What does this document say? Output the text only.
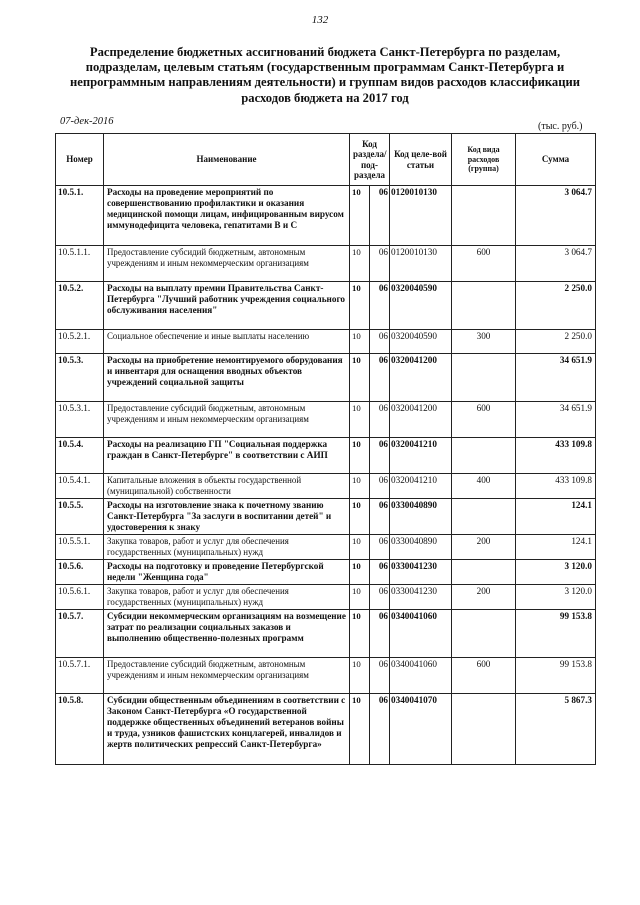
132
Распределение бюджетных ассигнований бюджета Санкт-Петербурга по разделам, подразделам, целевым статьям (государственным программам Санкт-Петербурга и непрограммным направлениям деятельности) и группам видов расходов классификации расходов бюджета на 2017 год
07-дек-2016	(тыс. руб.)
Номер	Наименование	Код раздела/ под-раздела		Код целе-вой статьи	Код вида расходов (группа)	Сумма
10.5.1.	Расходы на проведение мероприятий по совершенствованию профилактики и оказания медицинской помощи лицам, инфицированным вирусом иммунодефицита человека, гепатитами В и С	10	06	0120010130		3 064.7
10.5.1.1.	Предоставление субсидий бюджетным, автономным учреждениям и иным некоммерческим организациям	10	06	0120010130	600	3 064.7
10.5.2.	Расходы на выплату премии Правительства Санкт-Петербурга "Лучший работник учреждения социального обслуживания населения"	10	06	0320040590		2 250.0
10.5.2.1.	Социальное обеспечение и иные выплаты населению	10	06	0320040590	300	2 250.0
10.5.3.	Расходы на приобретение немонтируемого оборудования и инвентаря для оснащения вводных объектов учреждений социальной защиты	10	06	0320041200		34 651.9
10.5.3.1.	Предоставление субсидий бюджетным, автономным учреждениям и иным некоммерческим организациям	10	06	0320041200	600	34 651.9
10.5.4.	Расходы на реализацию ГП "Социальная поддержка граждан в Санкт-Петербурге" в соответствии с АИП	10	06	0320041210		433 109.8
10.5.4.1.	Капитальные вложения в объекты государственной (муниципальной) собственности	10	06	0320041210	400	433 109.8
10.5.5.	Расходы на изготовление знака к почетному званию Санкт-Петербурга "За заслуги в воспитании детей" и удостоверения к знаку	10	06	0330040890		124.1
10.5.5.1.	Закупка товаров, работ и услуг для обеспечения государственных (муниципальных) нужд	10	06	0330040890	200	124.1
10.5.6.	Расходы на подготовку и проведение Петербургской недели "Женщина года"	10	06	0330041230		3 120.0
10.5.6.1.	Закупка товаров, работ и услуг для обеспечения государственных (муниципальных) нужд	10	06	0330041230	200	3 120.0
10.5.7.	Субсидии некоммерческим организациям на возмещение затрат по реализации социальных заказов и выполнению общественно-полезных программ	10	06	0340041060		99 153.8
10.5.7.1.	Предоставление субсидий бюджетным, автономным учреждениям и иным некоммерческим организациям	10	06	0340041060	600	99 153.8
10.5.8.	Субсидии общественным объединениям в соответствии с Законом Санкт-Петербурга «О государственной поддержке общественных объединений ветеранов войны и труда, узников фашистских концлагерей, инвалидов и жертв политических репрессий Санкт-Петербурга»	10	06	0340041070		5 867.3
